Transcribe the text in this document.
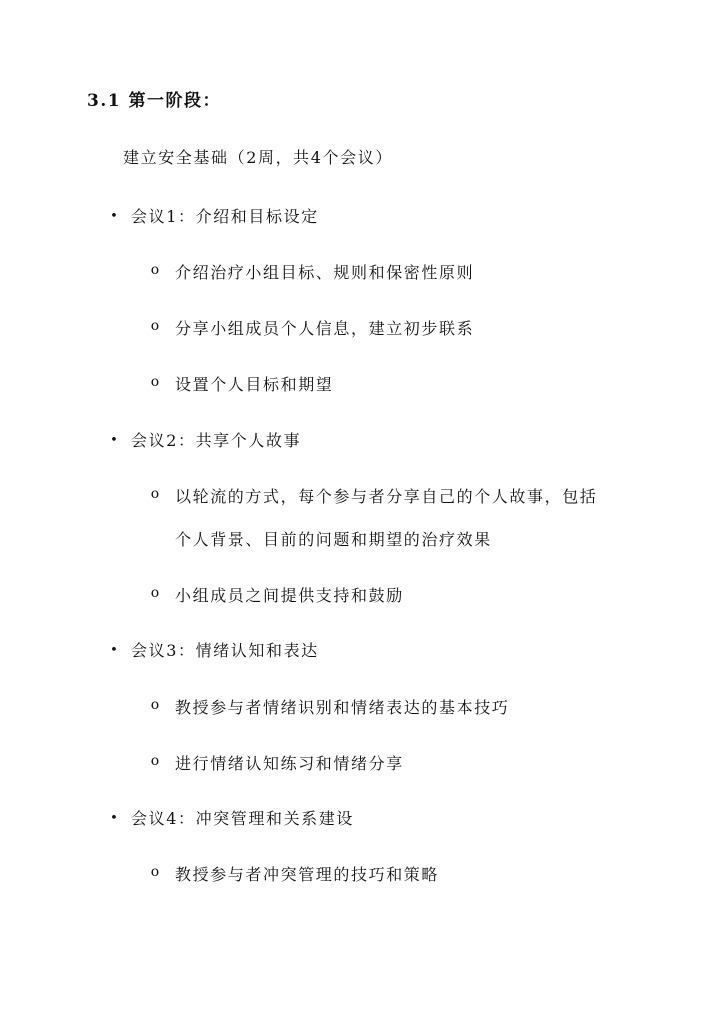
3.1 第一阶段：
建立安全基础（2周，共4个会议）
• 会议1：介绍和目标设定
o 介绍治疗小组目标、规则和保密性原则
o 分享小组成员个人信息，建立初步联系
o 设置个人目标和期望
• 会议2：共享个人故事
o 以轮流的方式，每个参与者分享自己的个人故事，包括
个人背景、目前的问题和期望的治疗效果
o 小组成员之间提供支持和鼓励
• 会议3：情绪认知和表达
o 教授参与者情绪识别和情绪表达的基本技巧
o 进行情绪认知练习和情绪分享
• 会议4：冲突管理和关系建设
o 教授参与者冲突管理的技巧和策略
